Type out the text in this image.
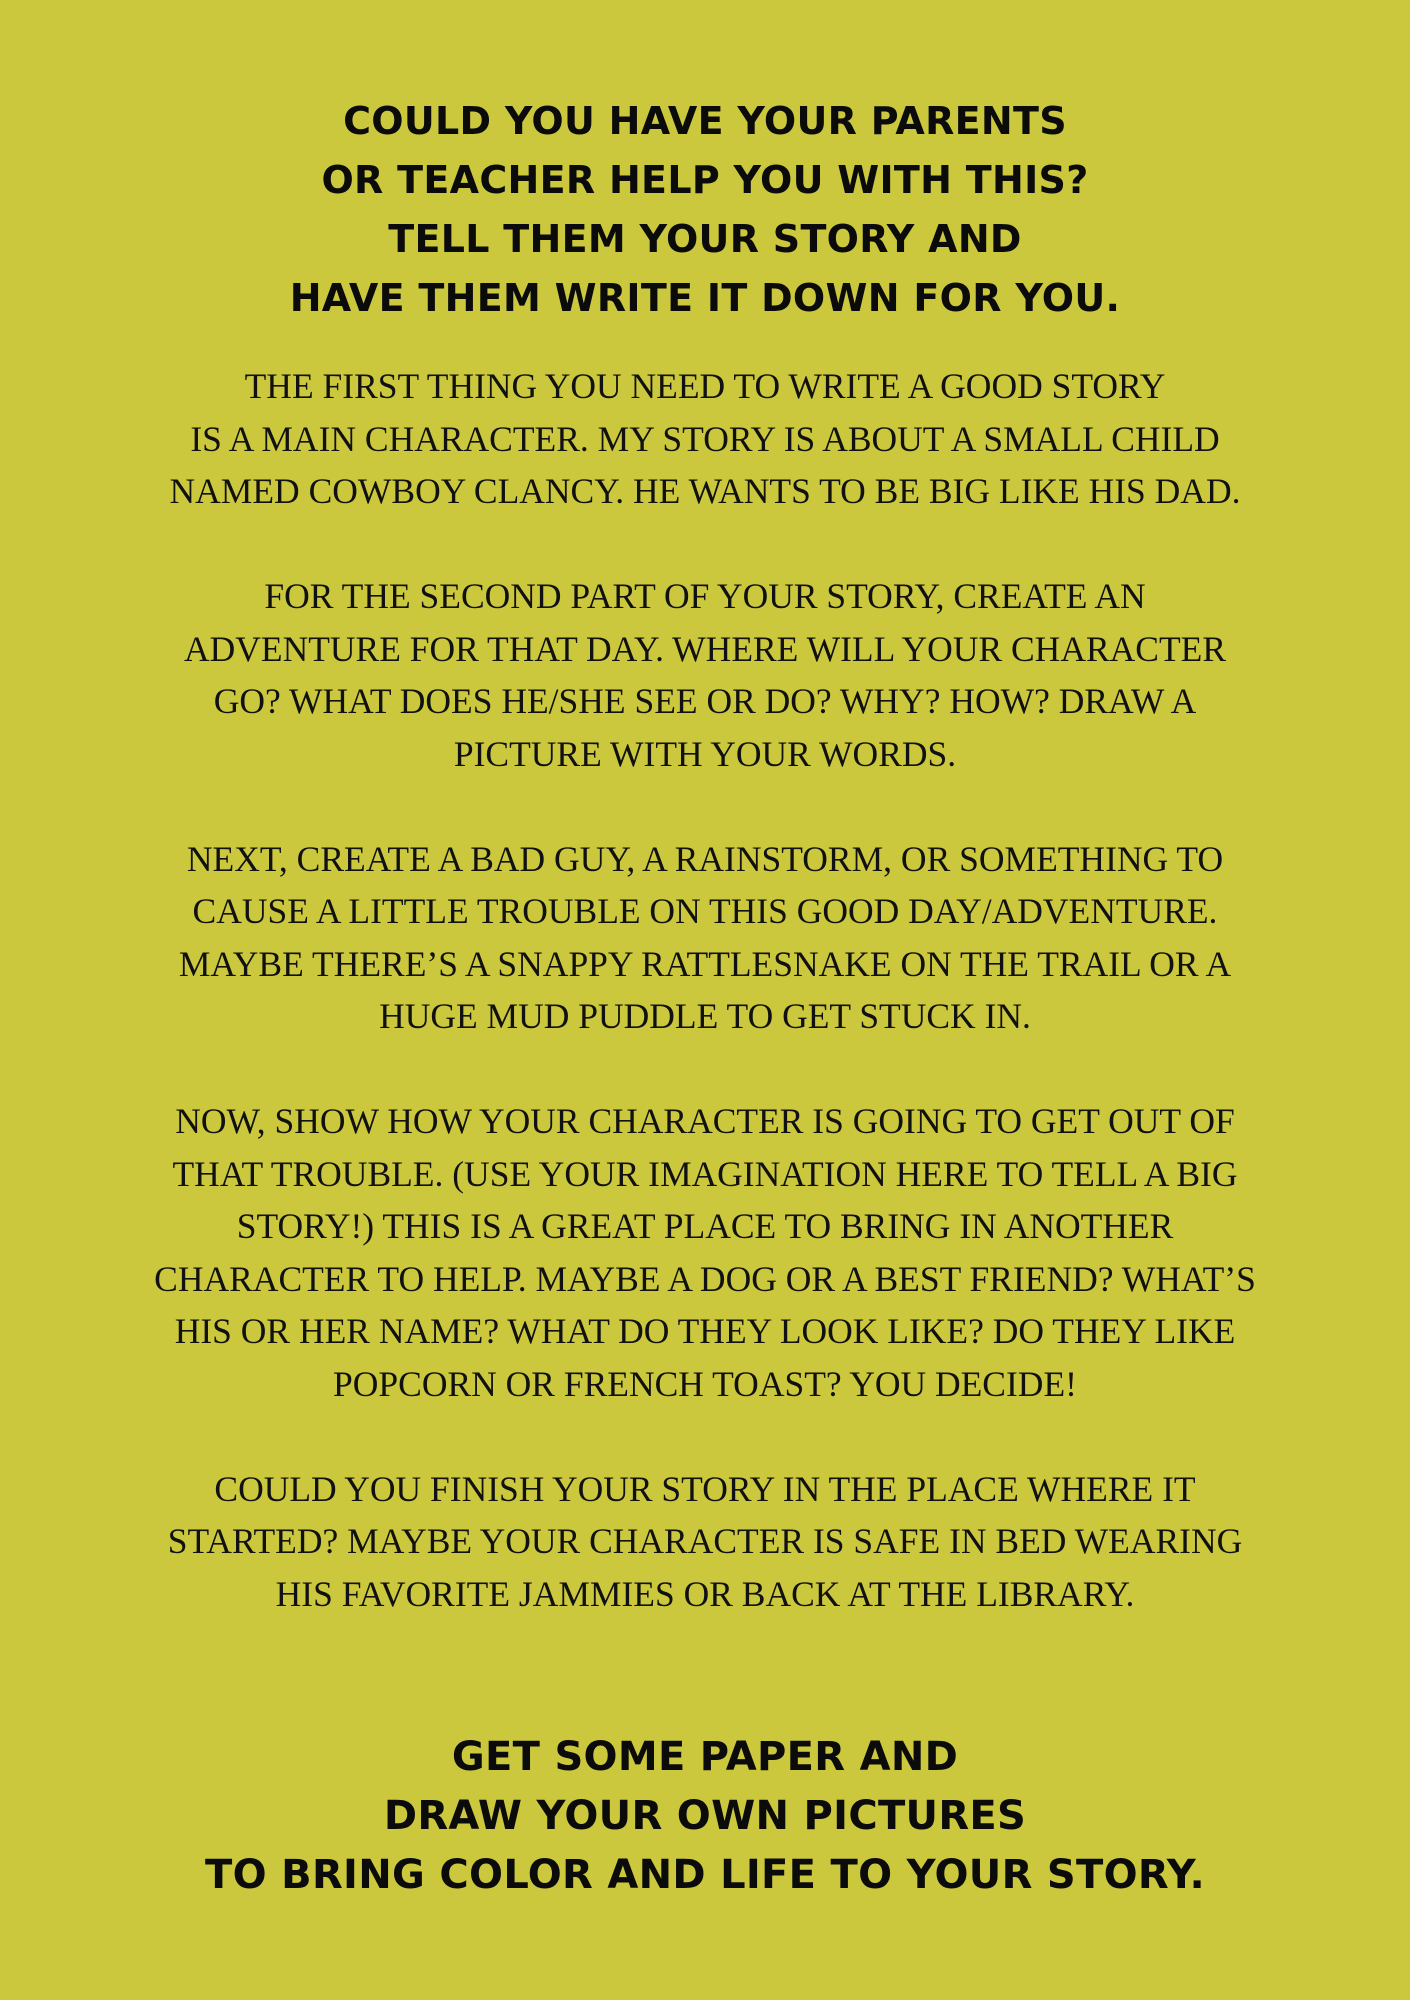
COULD YOU HAVE YOUR PARENTS
OR TEACHER HELP YOU WITH THIS?
TELL THEM YOUR STORY AND
HAVE THEM WRITE IT DOWN FOR YOU.
THE FIRST THING YOU NEED TO WRITE A GOOD STORY
IS A MAIN CHARACTER. MY STORY IS ABOUT A SMALL CHILD
NAMED COWBOY CLANCY. HE WANTS TO BE BIG LIKE HIS DAD.
FOR THE SECOND PART OF YOUR STORY, CREATE AN
ADVENTURE FOR THAT DAY. WHERE WILL YOUR CHARACTER
GO? WHAT DOES HE/SHE SEE OR DO? WHY? HOW? DRAW A
PICTURE WITH YOUR WORDS.
NEXT, CREATE A BAD GUY, A RAINSTORM, OR SOMETHING TO
CAUSE A LITTLE TROUBLE ON THIS GOOD DAY/ADVENTURE.
MAYBE THERE’S A SNAPPY RATTLESNAKE ON THE TRAIL OR A
HUGE MUD PUDDLE TO GET STUCK IN.
NOW, SHOW HOW YOUR CHARACTER IS GOING TO GET OUT OF
THAT TROUBLE. (USE YOUR IMAGINATION HERE TO TELL A BIG
STORY!) THIS IS A GREAT PLACE TO BRING IN ANOTHER
CHARACTER TO HELP. MAYBE A DOG OR A BEST FRIEND? WHAT’S
HIS OR HER NAME? WHAT DO THEY LOOK LIKE? DO THEY LIKE
POPCORN OR FRENCH TOAST? YOU DECIDE!
COULD YOU FINISH YOUR STORY IN THE PLACE WHERE IT
STARTED? MAYBE YOUR CHARACTER IS SAFE IN BED WEARING
HIS FAVORITE JAMMIES OR BACK AT THE LIBRARY.
GET SOME PAPER AND
DRAW YOUR OWN PICTURES
TO BRING COLOR AND LIFE TO YOUR STORY.
